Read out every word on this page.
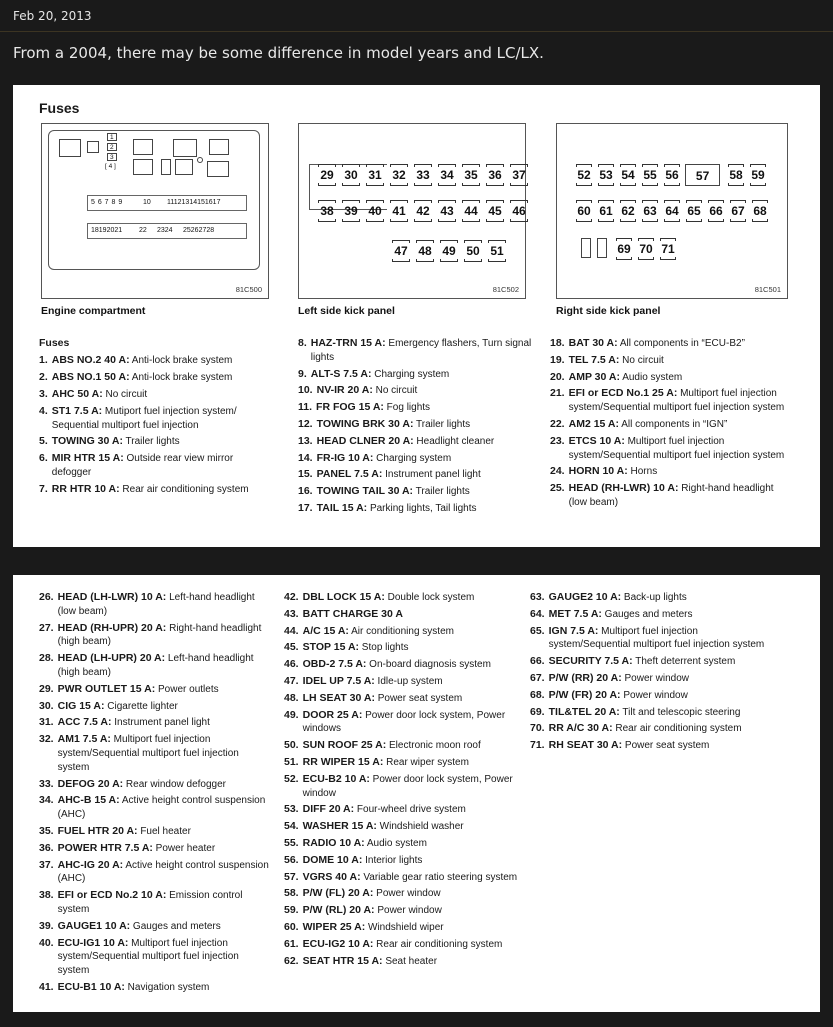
Feb 20, 2013
From a 2004, there may be some difference in model years and LC/LX.
Fuses
1
2
3
[ 4 ]
5 6 7 8 9	10 11121314151617
18192021 22 2324 25262728
81C500
Engine compartment
29 30 31 32 33 34 35 36 37
38 39 40 41 42 43 44 45 46
47 48 49 50 51
81C502
Left side kick panel
52 53 54 55 56	57	58 59
60 61 62 63 64 65 66 67 68
69 70 71
81C501
Right side kick panel
Fuses
1. ABS NO.2 40 A: Anti-lock brake system
2. ABS NO.1 50 A: Anti-lock brake system
3. AHC 50 A: No circuit
4. ST1 7.5 A: Mutiport fuel injection system/ Sequential multiport fuel injection
5. TOWING 30 A: Trailer lights
6. MIR HTR 15 A: Outside rear view mirror defogger
7. RR HTR 10 A: Rear air conditioning system
8. HAZ-TRN 15 A: Emergency flashers, Turn signal lights
9. ALT-S 7.5 A: Charging system
10. NV-IR 20 A: No circuit
11. FR FOG 15 A: Fog lights
12. TOWING BRK 30 A: Trailer lights
13. HEAD CLNER 20 A: Headlight cleaner
14. FR-IG 10 A: Charging system
15. PANEL 7.5 A: Instrument panel light
16. TOWING TAIL 30 A: Trailer lights
17. TAIL 15 A: Parking lights, Tail lights
18. BAT 30 A: All components in “ECU-B2”
19. TEL 7.5 A: No circuit
20. AMP 30 A: Audio system
21. EFI or ECD No.1 25 A: Multiport fuel injection system/Sequential multiport fuel injection system
22. AM2 15 A: All components in “IGN”
23. ETCS 10 A: Multiport fuel injection system/Sequential multiport fuel injection system
24. HORN 10 A: Horns
25. HEAD (RH-LWR) 10 A: Right-hand headlight (low beam)
26. HEAD (LH-LWR) 10 A: Left-hand headlight (low beam)
27. HEAD (RH-UPR) 20 A: Right-hand headlight (high beam)
28. HEAD (LH-UPR) 20 A: Left-hand headlight (high beam)
29. PWR OUTLET 15 A: Power outlets
30. CIG 15 A: Cigarette lighter
31. ACC 7.5 A: Instrument panel light
32. AM1 7.5 A: Multiport fuel injection system/Sequential multiport fuel injection system
33. DEFOG 20 A: Rear window defogger
34. AHC-B 15 A: Active height control suspension (AHC)
35. FUEL HTR 20 A: Fuel heater
36. POWER HTR 7.5 A: Power heater
37. AHC-IG 20 A: Active height control suspension (AHC)
38. EFI or ECD No.2 10 A: Emission control system
39. GAUGE1 10 A: Gauges and meters
40. ECU-IG1 10 A: Multiport fuel injection system/Sequential multiport fuel injection system
41. ECU-B1 10 A: Navigation system
42. DBL LOCK 15 A: Double lock system
43. BATT CHARGE 30 A
44. A/C 15 A: Air conditioning system
45. STOP 15 A: Stop lights
46. OBD-2 7.5 A: On-board diagnosis system
47. IDEL UP 7.5 A: Idle-up system
48. LH SEAT 30 A: Power seat system
49. DOOR 25 A: Power door lock system, Power windows
50. SUN ROOF 25 A: Electronic moon roof
51. RR WIPER 15 A: Rear wiper system
52. ECU-B2 10 A: Power door lock system, Power window
53. DIFF 20 A: Four-wheel drive system
54. WASHER 15 A: Windshield washer
55. RADIO 10 A: Audio system
56. DOME 10 A: Interior lights
57. VGRS 40 A: Variable gear ratio steering system
58. P/W (FL) 20 A: Power window
59. P/W (RL) 20 A: Power window
60. WIPER 25 A: Windshield wiper
61. ECU-IG2 10 A: Rear air conditioning system
62. SEAT HTR 15 A: Seat heater
63. GAUGE2 10 A: Back-up lights
64. MET 7.5 A: Gauges and meters
65. IGN 7.5 A: Multiport fuel injection system/Sequential multiport fuel injection system
66. SECURITY 7.5 A: Theft deterrent system
67. P/W (RR) 20 A: Power window
68. P/W (FR) 20 A: Power window
69. TIL&TEL 20 A: Tilt and telescopic steering
70. RR A/C 30 A: Rear air conditioning system
71. RH SEAT 30 A: Power seat system
